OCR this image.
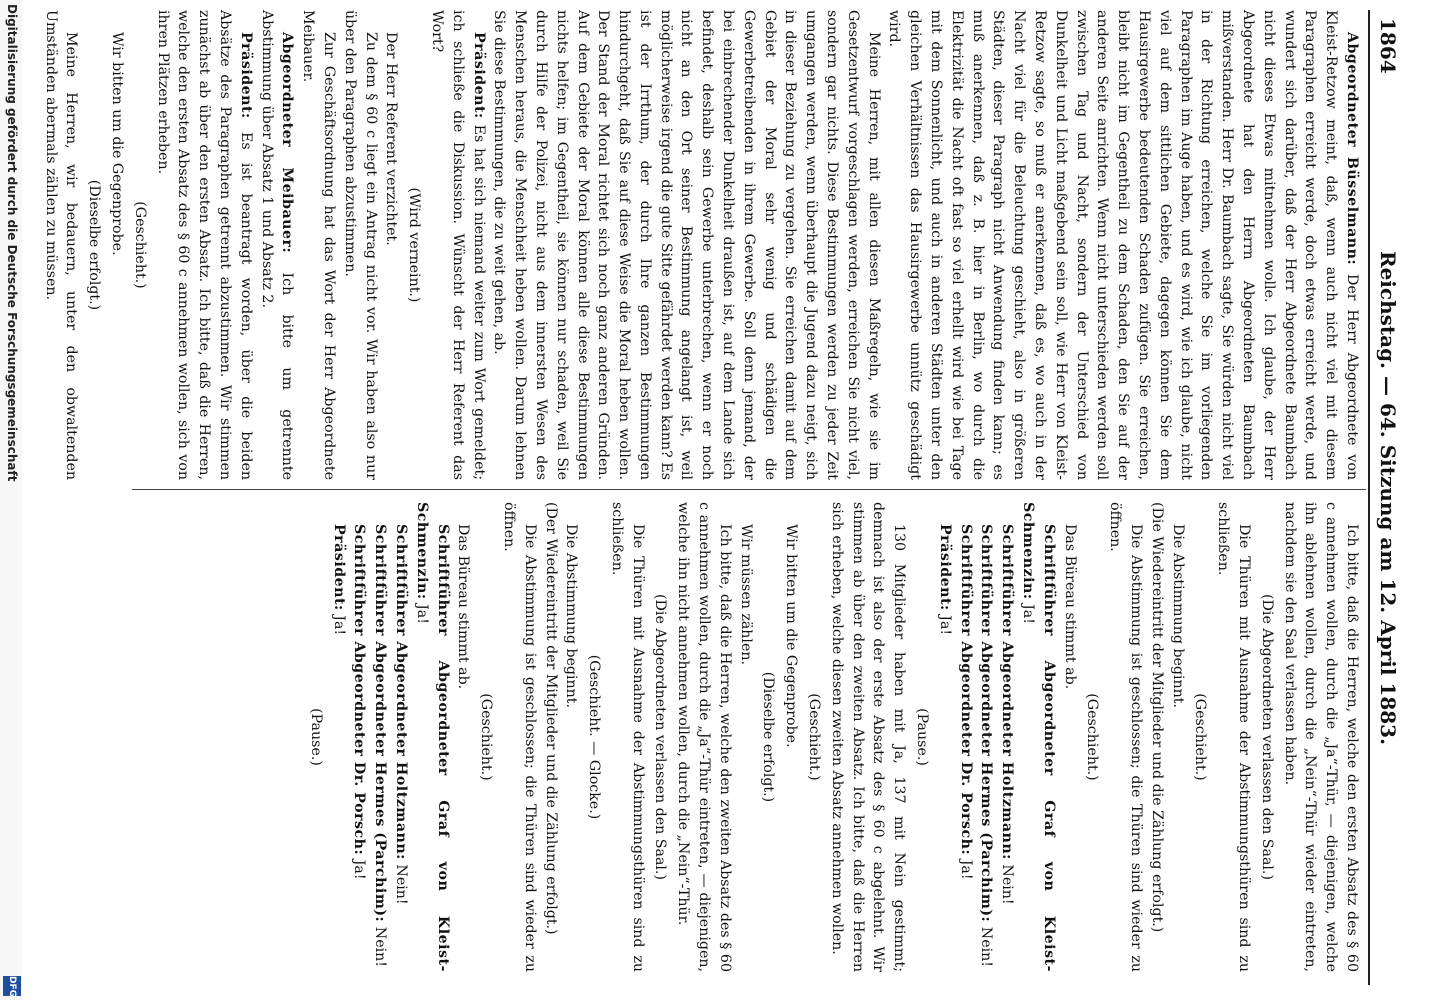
1864
Reichstag. — 64. Sitzung am 12. April 1883.

Abgeordneter Büsselmann: Der Herr Abgeordnete von Kleist-Retzow meint, daß, wenn auch nicht viel mit diesem Paragraphen erreicht werde, doch etwas erreicht werde, und wundert sich darüber, daß der Herr Abgeordnete Baumbach nicht dieses Etwas mitnehmen wolle. Ich glaube, der Herr Abgeordnete hat den Herrn Abgeordneten Baumbach mißverstanden. Herr Dr. Baumbach sagte, Sie würden nicht viel in der Richtung erreichen, welche Sie im vorliegenden Paragraphen im Auge haben, und es wird, wie ich glaube, nicht viel auf dem sittlichen Gebiete, dagegen können Sie dem Hausirgewerbe bedeutenden Schaden zufügen. Sie erreichen, bleibt nicht im Gegentheil zu dem Schaden, den Sie auf der anderen Seite anrichten. Wenn nicht unterschieden werden soll zwischen Tag und Nacht, sondern der Unterschied von Dunkelheit und Licht maßgebend sein soll, wie Herr von Kleist-Retzow sagte, so muß er anerkennen, daß es, wo auch in der Nacht viel für die Beleuchtung geschieht, also in größeren Städten, dieser Paragraph nicht Anwendung finden kann; es muß anerkennen, daß z. B. hier in Berlin, wo durch die Elektrizität die Nacht oft fast so viel erhellt wird wie bei Tage mit dem Sonnenlicht, und auch in anderen Städten unter den gleichen Verhältnissen das Hausirgewerbe unnütz geschädigt wird.

Meine Herren, mit allen diesen Maßregeln, wie sie im Gesetzentwurf vorgeschlagen werden, erreichen Sie nicht viel, sondern gar nichts. Diese Bestimmungen werden zu jeder Zeit umgangen werden, wenn überhaupt die Jugend dazu neigt, sich in dieser Beziehung zu vergehen. Sie erreichen damit auf dem Gebiet der Moral sehr wenig und schädigen die Gewerbetreibenden in ihrem Gewerbe. Soll denn jemand, der bei einbrechender Dunkelheit draußen ist, auf dem Lande sich befindet, deshalb sein Gewerbe unterbrechen, wenn er noch nicht an den Ort seiner Bestimmung angelangt ist, weil möglicherweise irgend die gute Sitte gefährdet werden kann? Es ist der Irrthum, der durch Ihre ganzen Bestimmungen hindurchgeht, daß Sie auf diese Weise die Moral heben wollen. Der Stand der Moral richtet sich noch ganz anderen Gründen. Auf dem Gebiete der Moral können alle diese Bestimmungen nichts helfen; im Gegentheil, sie können nur schaden, weil Sie durch Hilfe der Polizei, nicht aus dem innersten Wesen des Menschen heraus, die Menschheit heben wollen. Darum lehnen Sie diese Bestimmungen, die zu weit gehen, ab.

Präsident: Es hat sich niemand weiter zum Wort gemeldet; ich schließe die Diskussion. Wünscht der Herr Referent das Wort?

(Wird verneint.)

Der Herr Referent verzichtet.

Zu dem § 60 c liegt ein Antrag nicht vor. Wir haben also nur über den Paragraphen abzustimmen.

Zur Geschäftsordnung hat das Wort der Herr Abgeordnete Meibauer.

Abgeordneter Meibauer: Ich bitte um getrennte Abstimmung über Absatz 1 und Absatz 2.

Präsident: Es ist beantragt worden, über die beiden Absätze des Paragraphen getrennt abzustimmen. Wir stimmen zunächst ab über den ersten Absatz. Ich bitte, daß die Herren, welche den ersten Absatz des § 60 c annehmen wollen, sich von ihren Plätzen erheben.

(Geschieht.)

Wir bitten um die Gegenprobe.

(Dieselbe erfolgt.)

Meine Herren, wir bedauern, unter den obwaltenden Umständen abermals zählen zu müssen.

Ich bitte, daß die Herren, welche den ersten Absatz des § 60 c annehmen wollen, durch die „Ja“-Thür, — diejenigen, welche ihn ablehnen wollen, durch die „Nein“-Thür wieder eintreten, nachdem sie den Saal verlassen haben.

(Die Abgeordneten verlassen den Saal.)

Die Thüren mit Ausnahme der Abstimmungsthüren sind zu schließen.

(Geschieht.)

Die Abstimmung beginnt.

(Die Wiedereintritt der Mitglieder und die Zählung erfolgt.)

Die Abstimmung ist geschlossen; die Thüren sind wieder zu öffnen.

(Geschieht.)

Das Büreau stimmt ab.

Schriftführer Abgeordneter Graf von Kleist-Schmenzin: Ja!

Schriftführer Abgeordneter Holtzmann: Nein!

Schriftführer Abgeordneter Hermes (Parchim): Nein!

Schriftführer Abgeordneter Dr. Porsch: Ja!

Präsident: Ja!

(Pause.)

130 Mitglieder haben mit Ja, 137 mit Nein gestimmt; demnach ist also der erste Absatz des § 60 c abgelehnt. Wir stimmen ab über den zweiten Absatz. Ich bitte, daß die Herren sich erheben, welche diesen zweiten Absatz annehmen wollen.

(Geschieht.)

Wir bitten um die Gegenprobe.

(Dieselbe erfolgt.)

Wir müssen zählen.

Ich bitte, daß die Herren, welche den zweiten Absatz des § 60 c annehmen wollen, durch die „Ja“-Thür eintreten, — diejenigen, welche ihn nicht annehmen wollen, durch die „Nein“-Thür.

(Die Abgeordneten verlassen den Saal.)

Die Thüren mit Ausnahme der Abstimmungsthüren sind zu schließen.

(Geschieht. — Glocke.)

Die Abstimmung beginnt.

(Der Wiedereintritt der Mitglieder und die Zählung erfolgt.)

Die Abstimmung ist geschlossen; die Thüren sind wieder zu öffnen.

(Geschieht.)

Das Büreau stimmt ab.

Schriftführer Abgeordneter Graf von Kleist-Schmenzin: Ja!

Schriftführer Abgeordneter Holtzmann: Nein!

Schriftführer Abgeordneter Hermes (Parchim): Nein!

Schriftführer Abgeordneter Dr. Porsch: Ja!

Präsident: Ja!

(Pause.)

Digitalisierung gefördert durch die Deutsche Forschungsgemeinschaft
DFG
